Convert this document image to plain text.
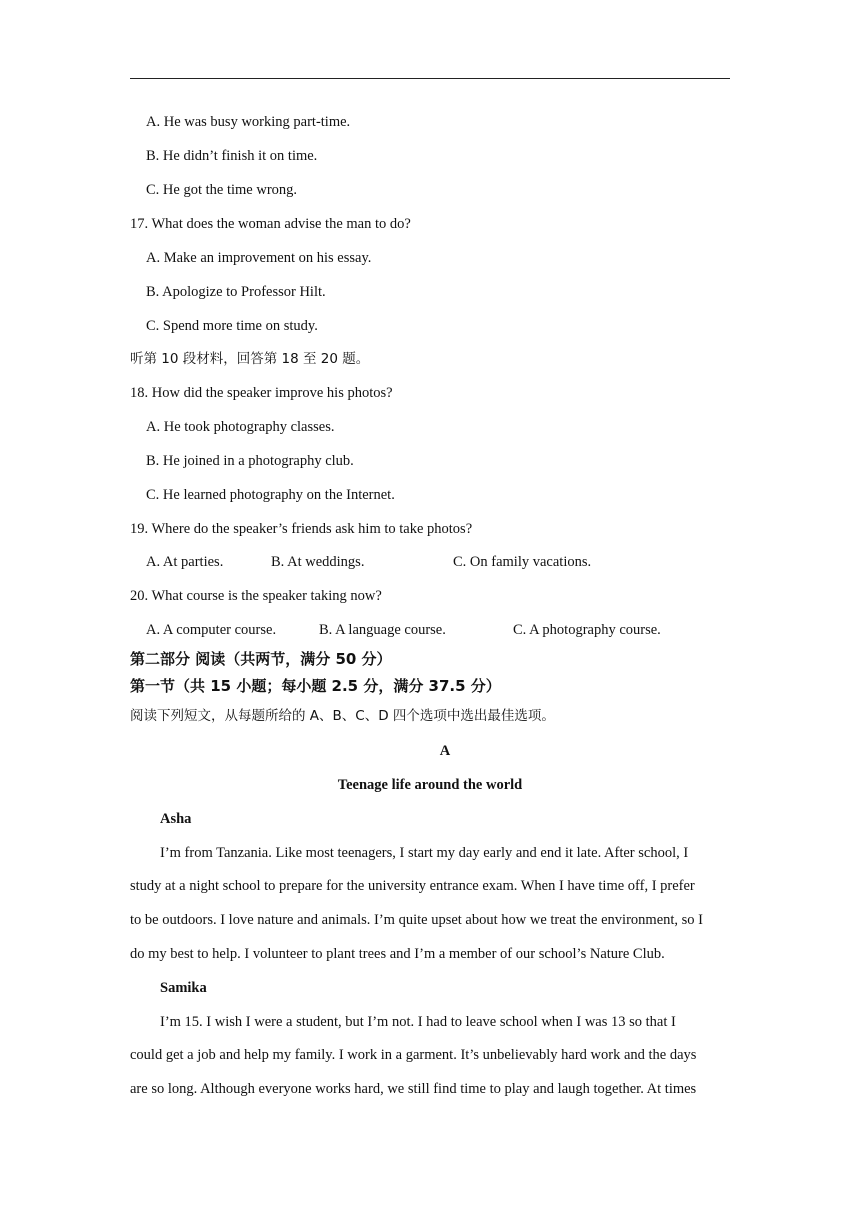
A. He was busy working part-time.
B. He didn’t finish it on time.
C. He got the time wrong.
17. What does the woman advise the man to do?
A. Make an improvement on his essay.
B. Apologize to Professor Hilt.
C. Spend more time on study.
听第 10 段材料，回答第 18 至 20 题。
18. How did the speaker improve his photos?
A. He took photography classes.
B. He joined in a photography club.
C. He learned photography on the Internet.
19. Where do the speaker’s friends ask him to take photos?
A. At parties.	B. At weddings.	C. On family vacations.
20. What course is the speaker taking now?
A. A computer course.	B. A language course.	C. A photography course.
第二部分 阅读（共两节，满分 50 分）
第一节（共 15 小题；每小题 2.5 分，满分 37.5 分）
阅读下列短文，从每题所给的 A、B、C、D 四个选项中选出最佳选项。
A
Teenage life around the world
Asha
I’m from Tanzania. Like most teenagers, I start my day early and end it late. After school, I
study at a night school to prepare for the university entrance exam. When I have time off, I prefer
to be outdoors. I love nature and animals. I’m quite upset about how we treat the environment, so I
do my best to help. I volunteer to plant trees and I’m a member of our school’s Nature Club.
Samika
I’m 15. I wish I were a student, but I’m not. I had to leave school when I was 13 so that I
could get a job and help my family. I work in a garment. It’s unbelievably hard work and the days
are so long. Although everyone works hard, we still find time to play and laugh together. At times
